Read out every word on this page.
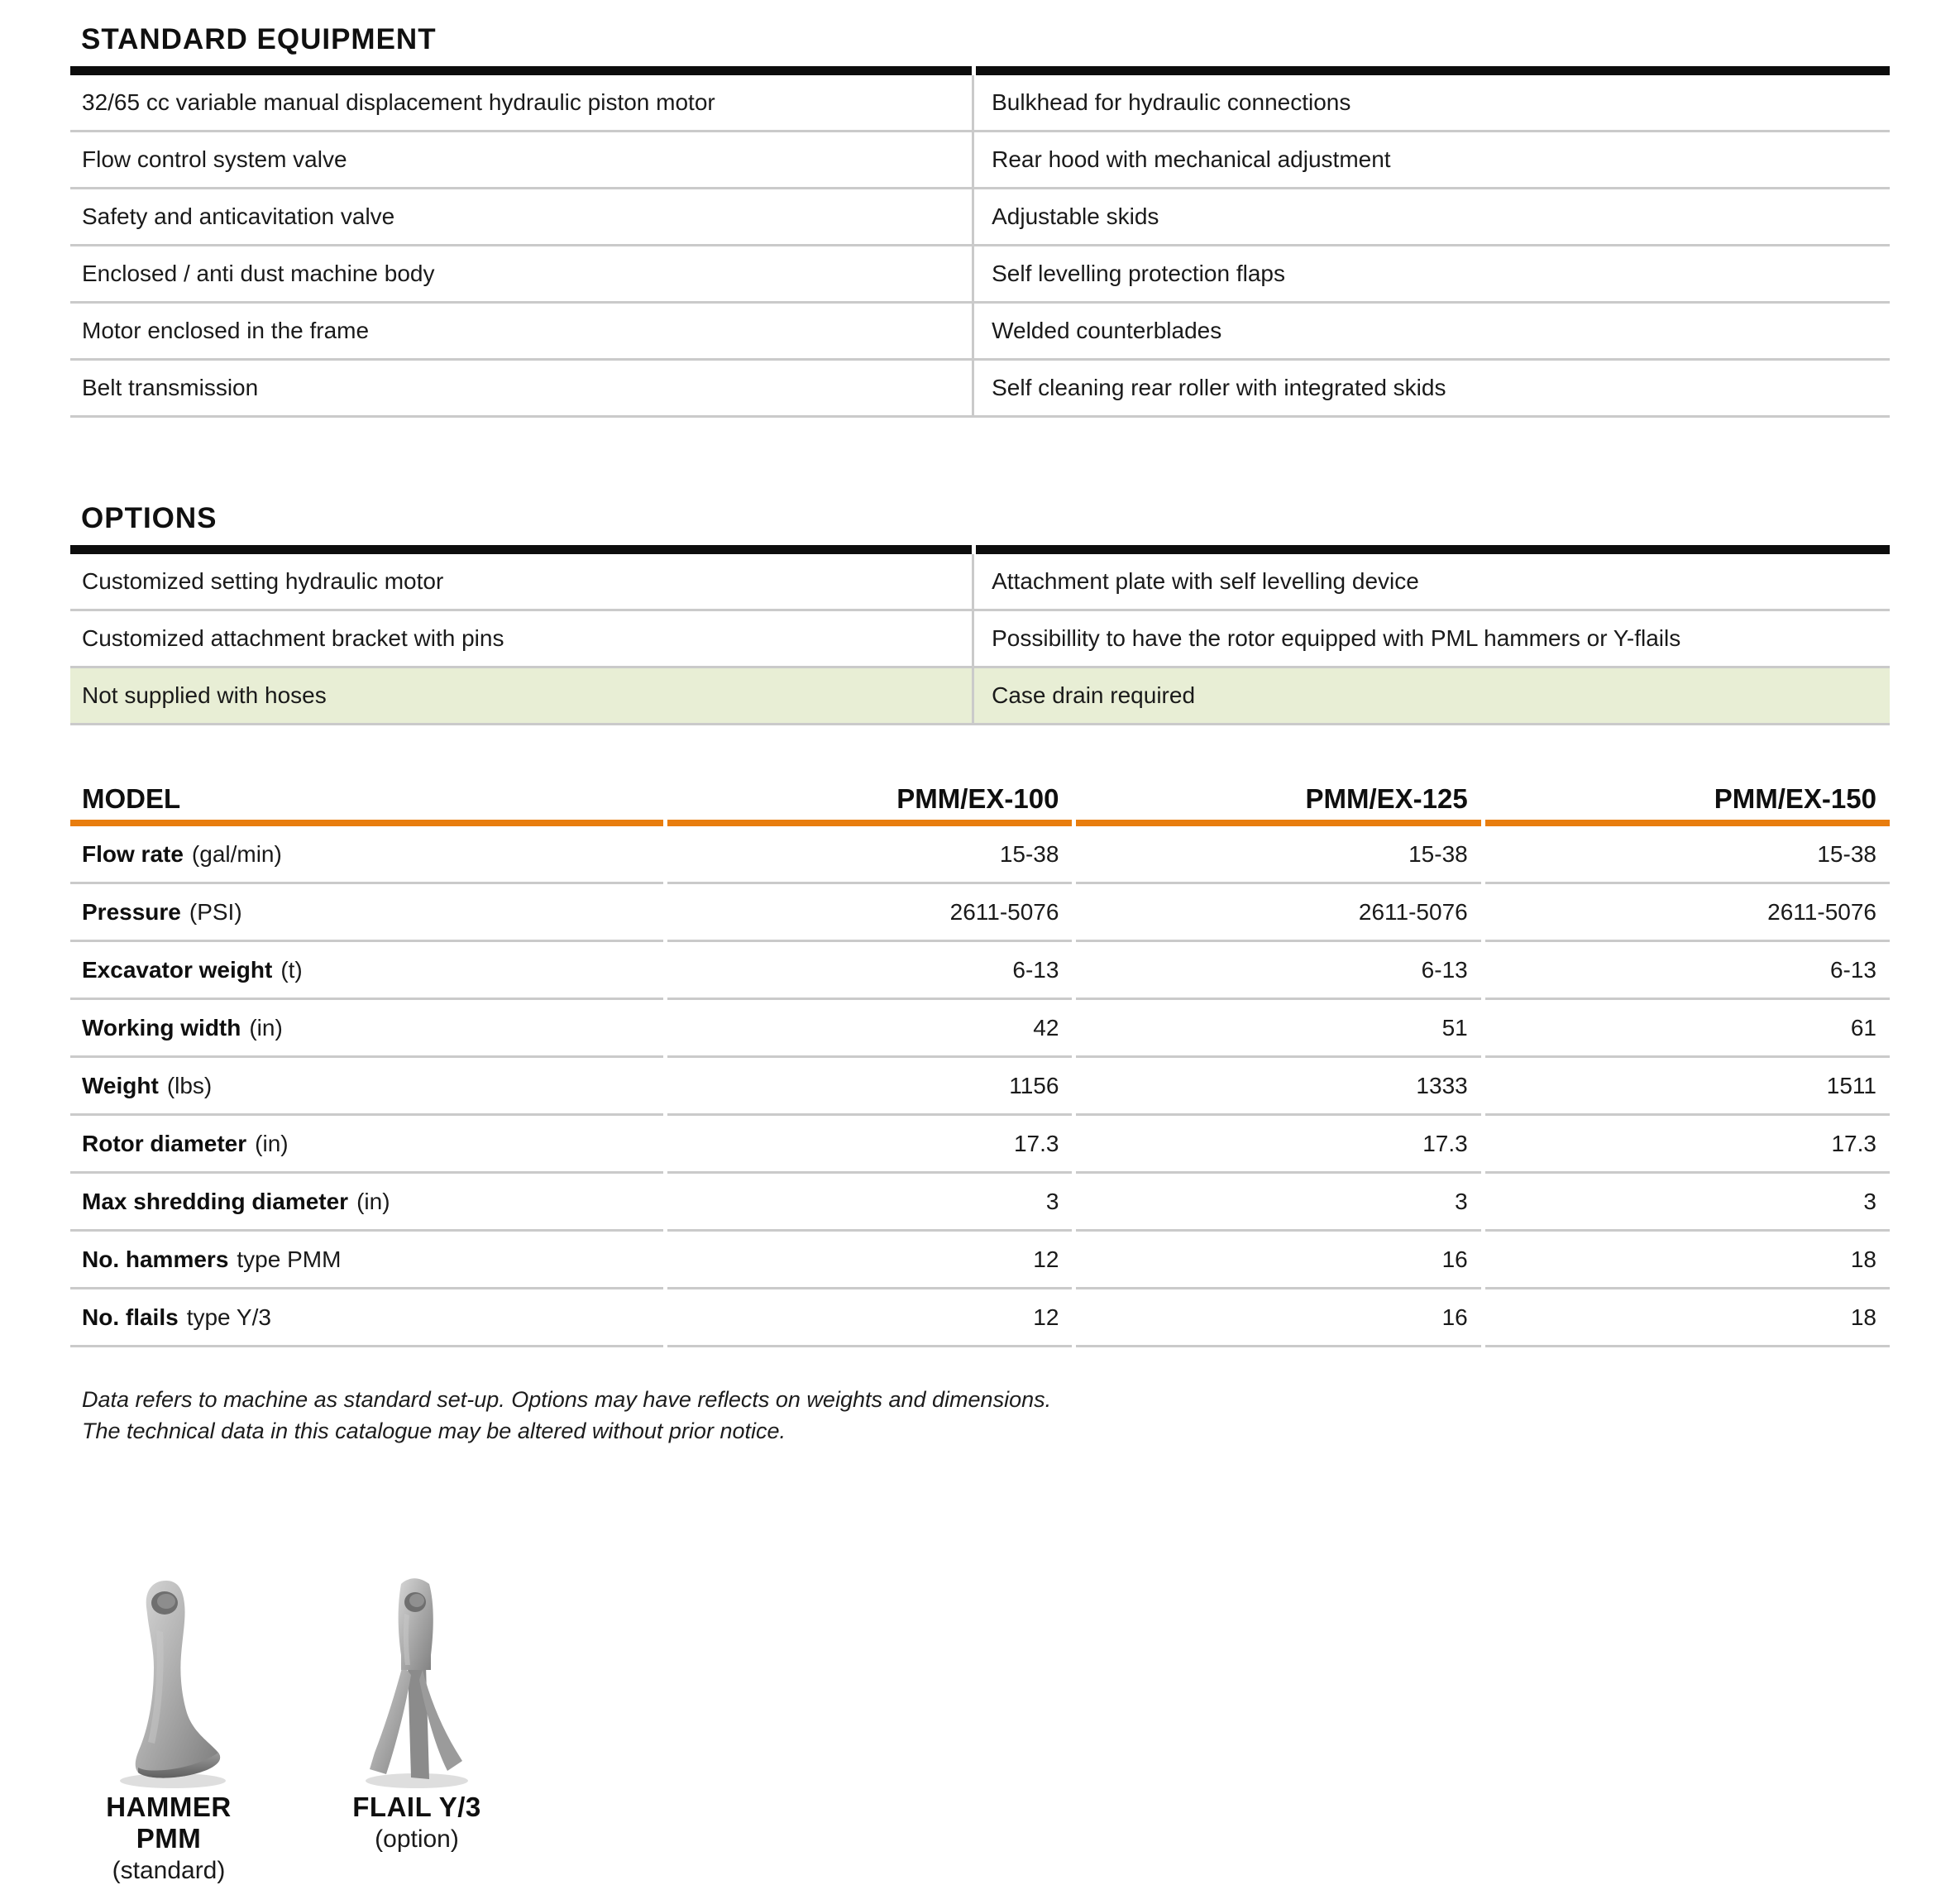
STANDARD EQUIPMENT
32/65 cc variable manual displacement hydraulic piston motor	Bulkhead for hydraulic connections
Flow control system valve	Rear hood with mechanical adjustment
Safety and anticavitation valve	Adjustable skids
Enclosed / anti dust machine body	Self levelling protection flaps
Motor enclosed in the frame	Welded counterblades
Belt transmission	Self cleaning rear roller with integrated skids
OPTIONS
Customized setting hydraulic motor	Attachment plate with self levelling device
Customized attachment bracket with pins	Possibillity to have the rotor equipped with PML hammers or Y-flails
Not supplied with hoses	Case drain required
MODEL	PMM/EX-100	PMM/EX-125	PMM/EX-150
Flow rate (gal/min)	15-38	15-38	15-38
Pressure (PSI)	2611-5076	2611-5076	2611-5076
Excavator weight (t)	6-13	6-13	6-13
Working width (in)	42	51	61
Weight (lbs)	1156	1333	1511
Rotor diameter (in)	17.3	17.3	17.3
Max shredding diameter (in)	3	3	3
No. hammers type PMM	12	16	18
No. flails type Y/3	12	16	18

Data refers to machine as standard set-up. Options may have reflects on weights and dimensions.

The technical data in this catalogue may be altered without prior notice.

HAMMER PMM
(standard)
FLAIL Y/3
(option)
